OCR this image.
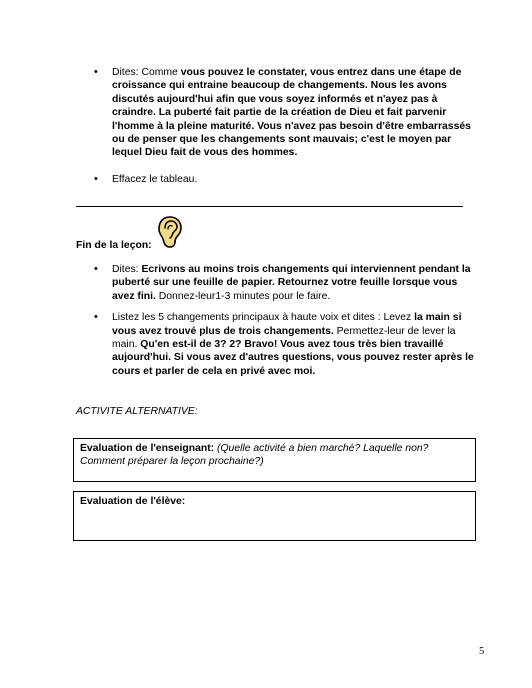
• Dites: Comme vous pouvez le constater, vous entrez dans une étape de croissance qui entraine beaucoup de changements. Nous les avons discutés aujourd'hui afin que vous soyez informés et n'ayez pas à craindre. La puberté fait partie de la création de Dieu et fait parvenir l'homme à la pleine maturité. Vous n'avez pas besoin d'être embarrassés ou de penser que les changements sont mauvais; c'est le moyen par lequel Dieu fait de vous des hommes.
• Effacez le tableau.
Fin de la leçon:
• Dites: Ecrivons au moins trois changements qui interviennent pendant la puberté sur une feuille de papier. Retournez votre feuille lorsque vous avez fini. Donnez-leur1-3 minutes pour le faire.
• Listez les 5 changements principaux à haute voix et dites : Levez la main si vous avez trouvé plus de trois changements. Permettez-leur de lever la main. Qu'en est-il de 3? 2? Bravo! Vous avez tous très bien travaillé aujourd'hui. Si vous avez d'autres questions, vous pouvez rester après le cours et parler de cela en privé avec moi.
ACTIVITE ALTERNATIVE:
Evaluation de l'enseignant: (Quelle activité a bien marché? Laquelle non? Comment préparer la leçon prochaine?)
Evaluation de l'élève:
5
